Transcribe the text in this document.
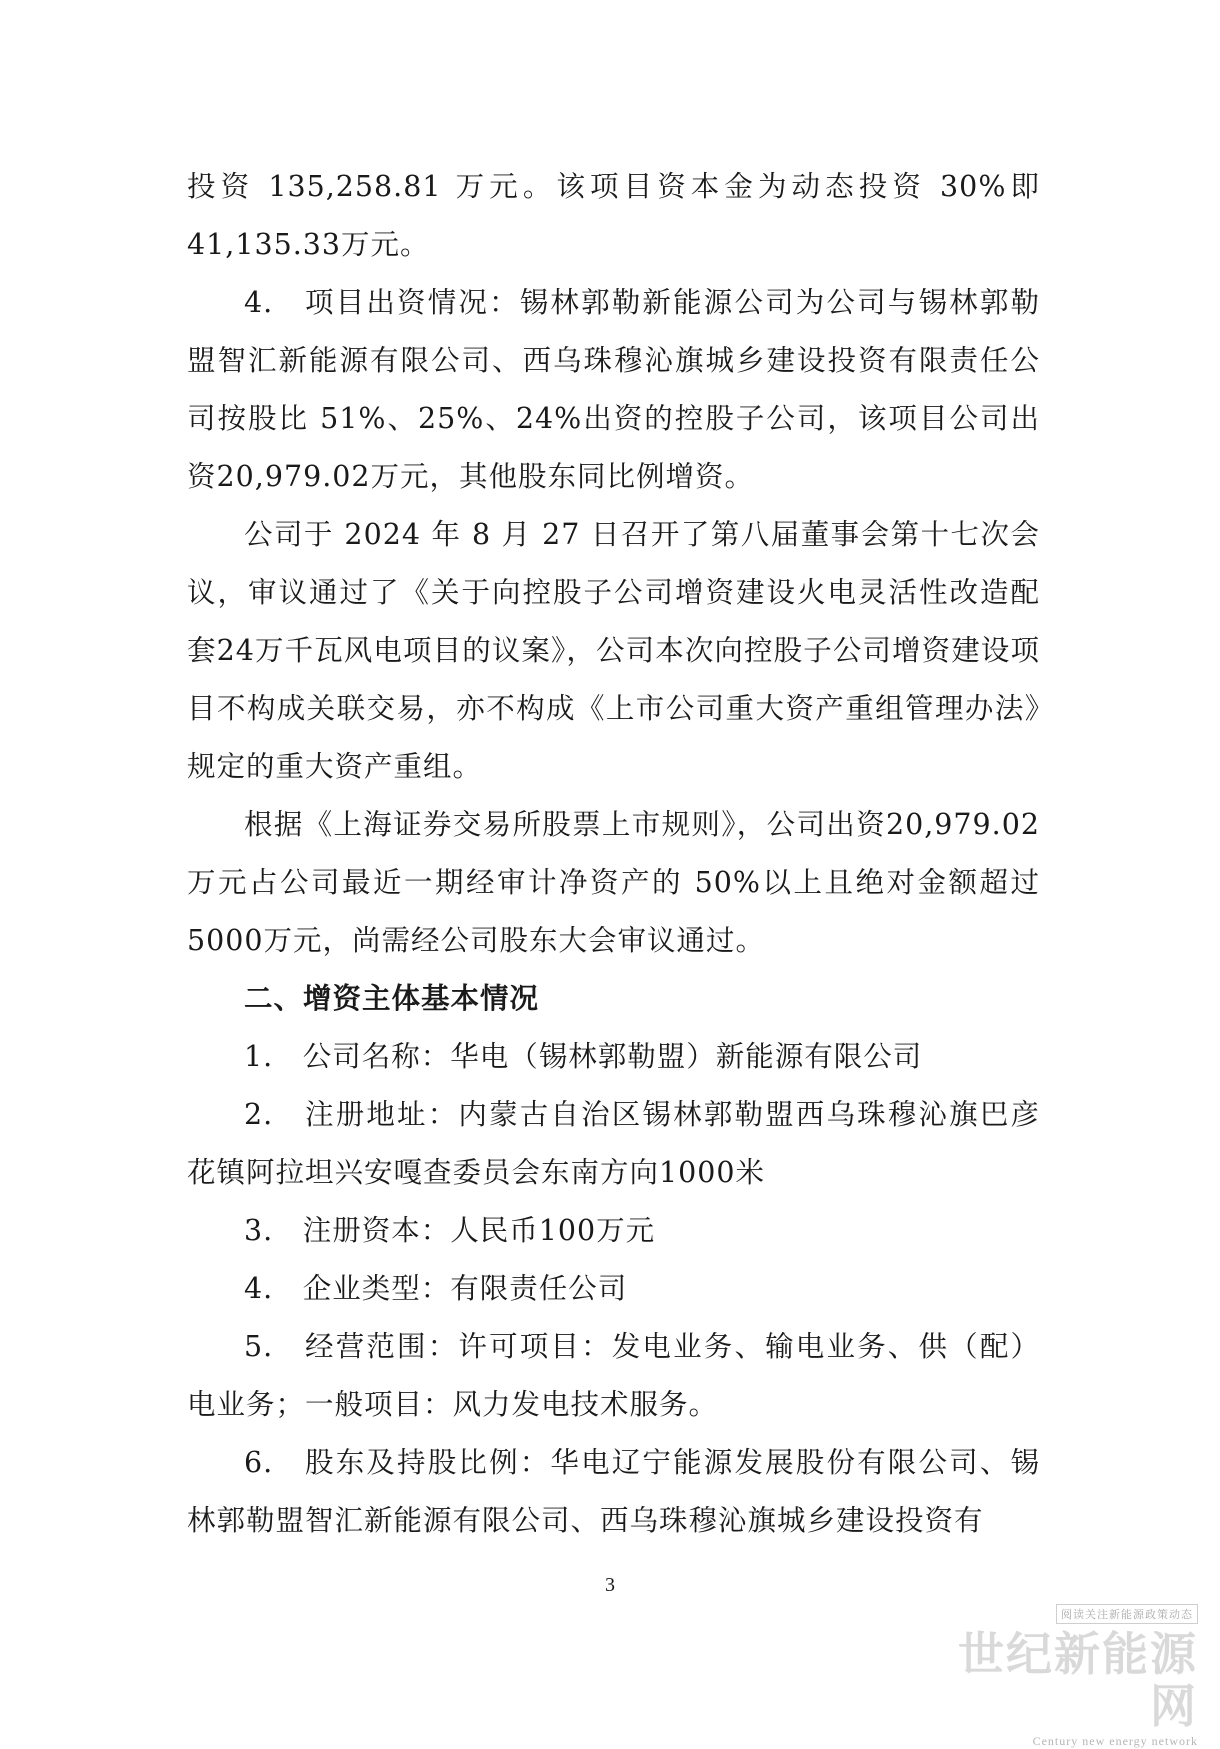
投资 135,258.81 万元。该项目资本金为动态投资 30%即41,135.33万元。

4.　项目出资情况：锡林郭勒新能源公司为公司与锡林郭勒盟智汇新能源有限公司、西乌珠穆沁旗城乡建设投资有限责任公司按股比 51%、25%、24%出资的控股子公司，该项目公司出资20,979.02万元，其他股东同比例增资。

公司于 2024 年 8 月 27 日召开了第八届董事会第十七次会议，审议通过了《关于向控股子公司增资建设火电灵活性改造配套24万千瓦风电项目的议案》，公司本次向控股子公司增资建设项目不构成关联交易，亦不构成《上市公司重大资产重组管理办法》规定的重大资产重组。

根据《上海证券交易所股票上市规则》，公司出资20,979.02万元占公司最近一期经审计净资产的 50%以上且绝对金额超过5000万元，尚需经公司股东大会审议通过。

二、增资主体基本情况

1.　公司名称：华电（锡林郭勒盟）新能源有限公司

2.　注册地址：内蒙古自治区锡林郭勒盟西乌珠穆沁旗巴彦花镇阿拉坦兴安嘎查委员会东南方向1000米

3.　注册资本：人民币100万元

4.　企业类型：有限责任公司

5.　经营范围：许可项目：发电业务、输电业务、供（配）电业务；一般项目：风力发电技术服务。

6.　股东及持股比例：华电辽宁能源发展股份有限公司、锡林郭勒盟智汇新能源有限公司、西乌珠穆沁旗城乡建设投资有

3
阅读关注新能源政策动态
世纪新能源网
Century new energy network
